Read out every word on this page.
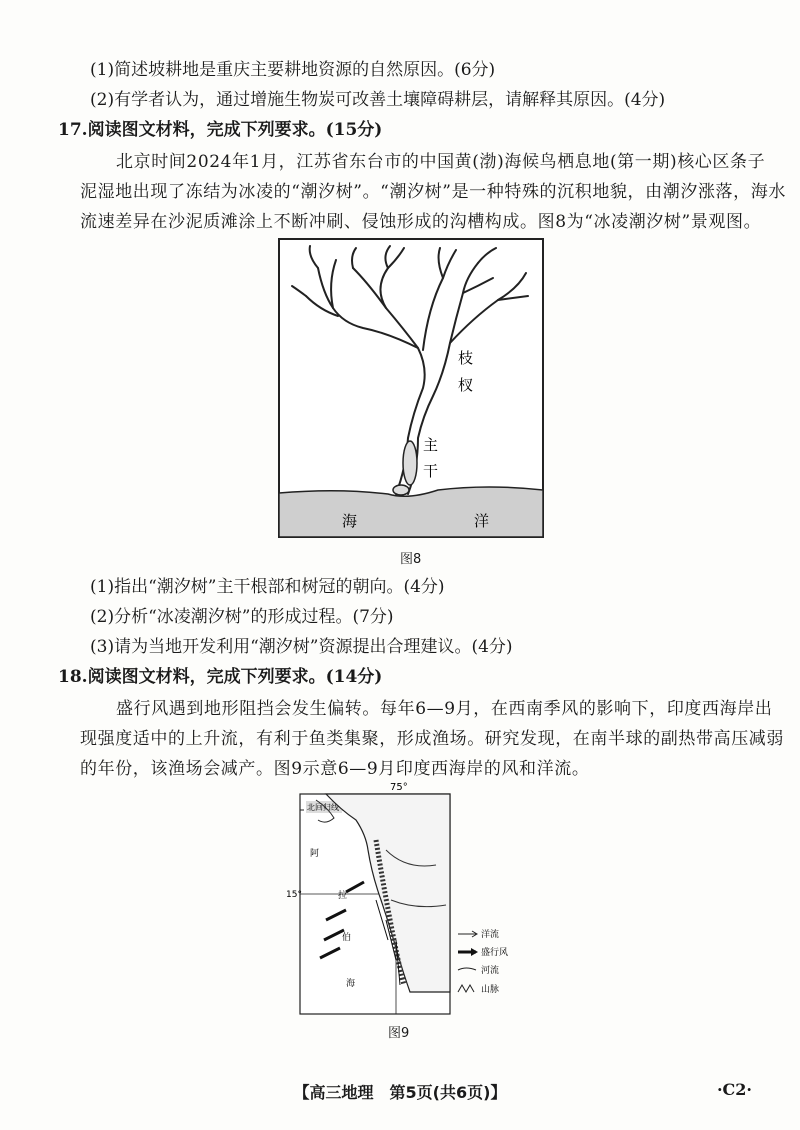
(1)简述坡耕地是重庆主要耕地资源的自然原因。(6分)
(2)有学者认为，通过增施生物炭可改善土壤障碍耕层，请解释其原因。(4分)
17.阅读图文材料，完成下列要求。(15分)
北京时间2024年1月，江苏省东台市的中国黄(渤)海候鸟栖息地(第一期)核心区条子
泥湿地出现了冻结为冰凌的“潮汐树”。“潮汐树”是一种特殊的沉积地貌，由潮汐涨落，海水
流速差异在沙泥质滩涂上不断冲刷、侵蚀形成的沟槽构成。图8为“冰凌潮汐树”景观图。
枝
杈
主
干
海	洋
图8
(1)指出“潮汐树”主干根部和树冠的朝向。(4分)
(2)分析“冰凌潮汐树”的形成过程。(7分)
(3)请为当地开发利用“潮汐树”资源提出合理建议。(4分)
18.阅读图文材料，完成下列要求。(14分)
盛行风遇到地形阻挡会发生偏转。每年6—9月，在西南季风的影响下，印度西海岸出
现强度适中的上升流，有利于鱼类集聚，形成渔场。研究发现，在南半球的副热带高压减弱
的年份，该渔场会减产。图9示意6—9月印度西海岸的风和洋流。
75°
北回归线
15°
阿
拉
伯
海
洋流
盛行风
河流
山脉
图9
【高三地理　第5页(共6页)】	·C2·
